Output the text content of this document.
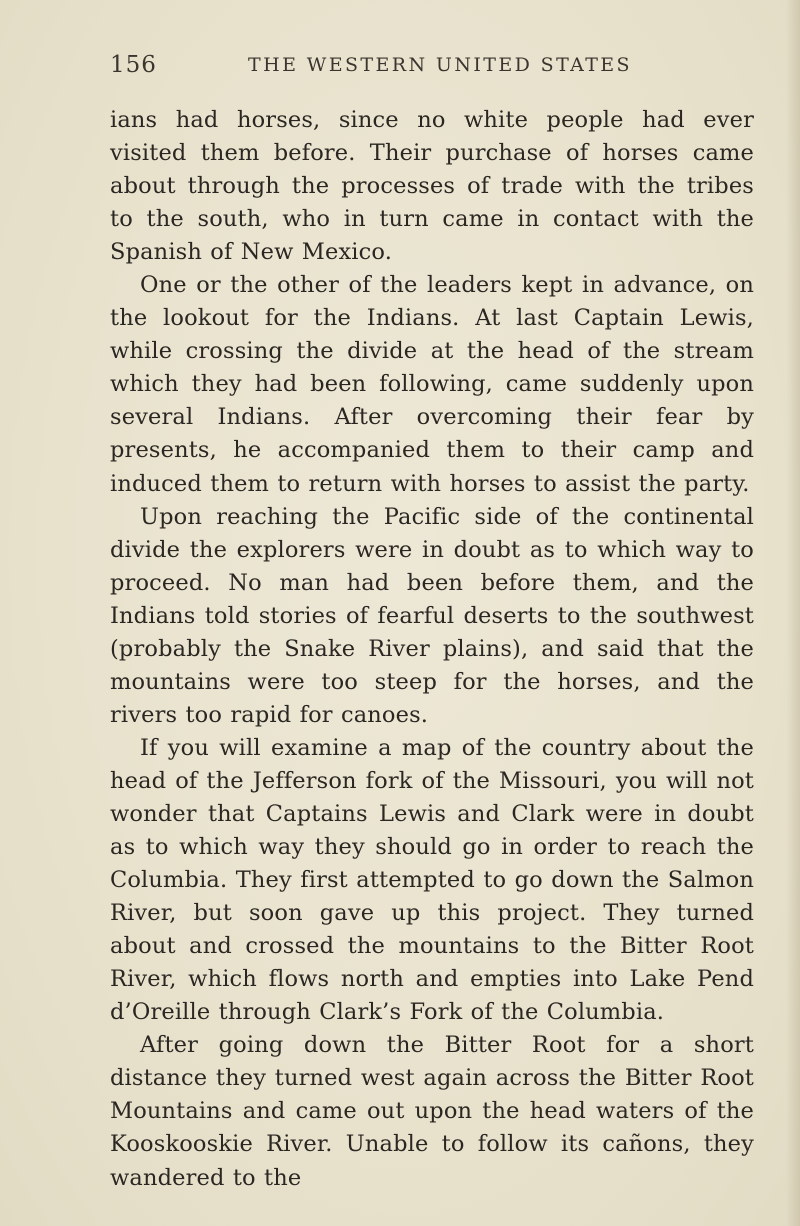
156	THE WESTERN UNITED STATES

ians had horses, since no white people had ever visited them before. Their purchase of horses came about through the processes of trade with the tribes to the south, who in turn came in contact with the Spanish of New Mexico.

One or the other of the leaders kept in advance, on the lookout for the Indians. At last Captain Lewis, while crossing the divide at the head of the stream which they had been following, came suddenly upon several Indians. After overcoming their fear by presents, he accompanied them to their camp and induced them to return with horses to assist the party.

Upon reaching the Pacific side of the continental divide the explorers were in doubt as to which way to proceed. No man had been before them, and the Indians told stories of fearful deserts to the southwest (probably the Snake River plains), and said that the mountains were too steep for the horses, and the rivers too rapid for canoes.

If you will examine a map of the country about the head of the Jefferson fork of the Missouri, you will not wonder that Captains Lewis and Clark were in doubt as to which way they should go in order to reach the Columbia. They first attempted to go down the Salmon River, but soon gave up this project. They turned about and crossed the mountains to the Bitter Root River, which flows north and empties into Lake Pend d’Oreille through Clark’s Fork of the Columbia.

After going down the Bitter Root for a short distance they turned west again across the Bitter Root Mountains and came out upon the head waters of the Kooskooskie River. Unable to follow its cañons, they wandered to the
